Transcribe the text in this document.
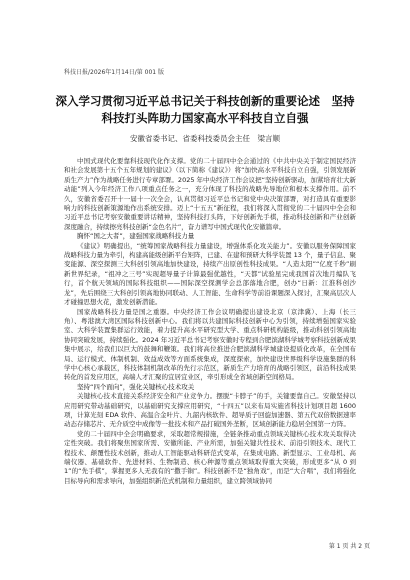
科技日报/2026年1月14日/第 001 版
深入学习贯彻习近平总书记关于科技创新的重要论述　坚持
科技打头阵助力国家高水平科技自立自强
安徽省委书记、省委科技委员会主任　梁言顺

中国式现代化要靠科技现代化作支撑。党的二十届四中全会通过的《中共中央关于制定国民经济和社会发展第十五个五年规划的建议》（以下简称《建议》）将“加快高水平科技自立自强，引领发展新质生产力”作为战略任务进行专章部署。2025 年中央经济工作会议把“坚持创新驱动，加紧培育壮大新动能”列入今年经济工作八项重点任务之一，充分体现了科技的战略先导地位和根本支撑作用。前不久，安徽省委召开十一届十一次全会，认真贯彻习近平总书记和党中央决策部署，对打造具有重要影响力的科技创新策源地作出系统安排。迈上“十五五”新征程，我们将深入贯彻党的二十届四中全会和习近平总书记考察安徽重要讲话精神，坚持科技打头阵，下好创新先手棋，推动科技创新和产业创新深度融合，持续擦亮科技创新“金色名片”，奋力谱写中国式现代化安徽篇章。

胸怀“国之大者”，建强国家战略科技力量

《建议》明确提出，“统筹国家战略科技力量建设，增强体系化攻关能力”。安徽以服务保障国家战略科技力量为牵引，构建高能级创新平台矩阵，已建、在建和预研大科学装置 13 个，量子信息、聚变能源、深空探测三大科创引领高地加快建设，持续产出原创性科技成果。“人造太阳”“亿度千秒”刷新世界纪录，“祖冲之三号”实现超导量子计算最强优越性，“天都”试验星完成我国首次地月编队飞行，首个航天领域的国际科技组织——国际深空探测学会总部落地合肥，创办“日新：江淮科创沙龙”，先后围绕三大科创引领高地协同联动、人工智能、生命科学等前沿课题深入探讨，汇聚高层次人才碰撞思想火花，激发创新潜能。

国家战略科技力量是国之重器。中央经济工作会议明确提出建设北京（京津冀）、上海（长三角）、粤港澳大湾区国际科技创新中心。我们将以共建国际科技创新中心为引领，持续增强国家实验室、大科学装置集群运行效能，着力提升高水平研究型大学、重点科研机构能级，推动科创引领高地协同突破发展，持续强化。2024 年习近平总书记考察安徽时专程到合肥滨湖科学城考察科技创新成果集中展示，给我们以巨大的鼓舞和鞭策。我们将高位推进合肥滨湖科学城建设提质化改革，在全国布局、运行模式、体制机制、效益成效等方面系统集成，深度探索，加快建设世界级科学设施集群的科学中心核心承载区，科技体制机制改革的先行示范区，新质生产力培育的战略引领区，前沿科技成果转化的首发应用区，高端人才汇聚的宜居宜业区，牵引形成全省域创新空间格局。

坚持“四个面向”，强化关键核心技术攻关

关键核心技术直接关系经济安全和产业竞争力。摆脱“卡脖子”的手，关键要靠自己。安徽坚持以应用研究带动基础研究，以基础研究支撑应用研究，“十四五”以来布局实施省科技计划项目超 1600 项，计算光刻 EDA 软件、高温合金叶片、九韶内核软件、超导质子回旋加速器、第五代双倍数据速率动态存储芯片、无介质空中成像等一批技术和产品打破国外垄断，区域创新能力稳居全国第一方阵。

党的二十届四中全会明确要求，采取超常规措施，全链条推动重点领域关键核心技术攻关取得决定性突破。我们将聚焦国家所需、安徽所能、产业所需，加强关键共性技术、前沿引领技术、现代工程技术、颠覆性技术创新，推动人工智能驱动科研范式变革，在集成电路、新型显示、工业母机、高端仪器、基础软件、先进材料、生物制造、核心种源等重点领域取得重大突破，形成更多“从 0 到 1”的“先手棋”，掌握更多人无我有的“撒手锏”。科技创新不是“独角戏”，而是“大合唱”，我们将强化目标导向和需求导向，加强组织新范式机制和力量组织，建立跨领域协同

第 1 页 共 2 页
